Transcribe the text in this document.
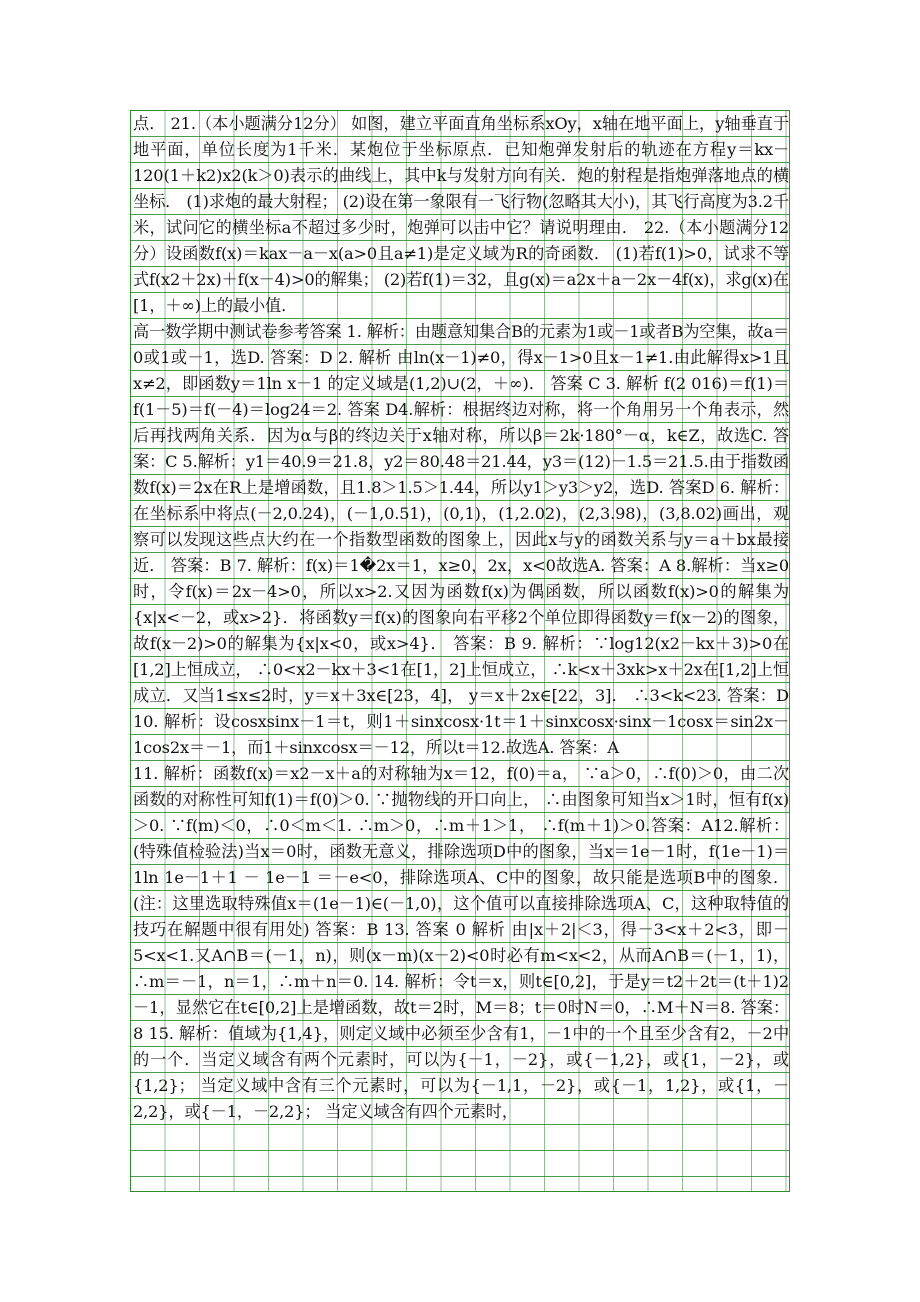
点． 21.（本小题满分12分） 如图，建立平面直角坐标系xOy，x轴在地平面上，y轴垂直于地平面，单位长度为1千米．某炮位于坐标原点．已知炮弹发射后的轨迹在方程y＝kx－120(1＋k2)x2(k＞0)表示的曲线上，其中k与发射方向有关．炮的射程是指炮弹落地点的横坐标． (1)求炮的最大射程； (2)设在第一象限有一飞行物(忽略其大小)，其飞行高度为3.2千米，试问它的横坐标a不超过多少时，炮弹可以击中它？请说明理由． 22.（本小题满分12分）设函数f(x)＝kax－a－x(a>0且a≠1)是定义域为R的奇函数． (1)若f(1)>0，试求不等式f(x2＋2x)＋f(x－4)>0的解集； (2)若f(1)＝32，且g(x)＝a2x＋a－2x－4f(x)，求g(x)在[1，＋∞)上的最小值．

高一数学期中测试卷参考答案 1. 解析：由题意知集合B的元素为1或－1或者B为空集，故a＝0或1或－1，选D. 答案：D 2. 解析 由ln(x－1)≠0，得x－1>0且x－1≠1.由此解得x>1且x≠2，即函数y＝1ln x－1 的定义域是(1,2)∪(2，＋∞)． 答案 C 3. 解析 f(2 016)＝f(1)＝f(1－5)＝f(－4)＝log24＝2. 答案 D4.解析：根据终边对称，将一个角用另一个角表示，然后再找两角关系．因为α与β的终边关于x轴对称，所以β＝2k·180°－α，k∈Z，故选C. 答案：C 5.解析：y1＝40.9＝21.8，y2＝80.48＝21.44，y3＝(12)－1.5＝21.5.由于指数函数f(x)＝2x在R上是增函数，且1.8＞1.5＞1.44，所以y1＞y3＞y2，选D. 答案D 6. 解析：在坐标系中将点(－2,0.24)，(－1,0.51)，(0,1)，(1,2.02)，(2,3.98)，(3,8.02)画出，观察可以发现这些点大约在一个指数型函数的图象上，因此x与y的函数关系与y＝a＋bx最接近． 答案：B 7. 解析：f(x)＝1�2x＝1，x≥0，2x，x<0故选A. 答案：A 8.解析：当x≥0时，令f(x)＝2x－4>0，所以x>2.又因为函数f(x)为偶函数，所以函数f(x)>0的解集为{x|x<－2，或x>2}．将函数y＝f(x)的图象向右平移2个单位即得函数y＝f(x－2)的图象，故f(x－2)>0的解集为{x|x<0，或x>4}． 答案：B 9. 解析：∵log12(x2－kx＋3)>0在[1,2]上恒成立， ∴0<x2－kx＋3<1在[1，2]上恒成立， ∴k<x＋3xk>x＋2x在[1,2]上恒成立．又当1≤x≤2时，y＝x＋3x∈[23，4]， y＝x＋2x∈[22，3]． ∴3<k<23. 答案：D 10. 解析：设cosxsinx－1＝t，则1＋sinxcosx·1t＝1＋sinxcosx·sinx－1cosx＝sin2x－1cos2x＝－1，而1＋sinxcosx＝－12，所以t＝12.故选A. 答案：A

11. 解析：函数f(x)＝x2－x＋a的对称轴为x＝12，f(0)＝a， ∵a＞0，∴f(0)＞0，由二次函数的对称性可知f(1)＝f(0)＞0. ∵抛物线的开口向上， ∴由图象可知当x＞1时，恒有f(x)＞0. ∵f(m)＜0，∴0＜m＜1. ∴m＞0，∴m＋1＞1， ∴f(m＋1)＞0.答案：A12.解析：(特殊值检验法)当x＝0时，函数无意义，排除选项D中的图象，当x＝1e－1时，f(1e－1)＝1ln 1e－1＋1 － 1e－1 ＝－e<0，排除选项A、C中的图象，故只能是选项B中的图象． (注：这里选取特殊值x＝(1e－1)∈(－1,0)，这个值可以直接排除选项A、C，这种取特值的技巧在解题中很有用处) 答案：B 13. 答案 0 解析 由|x＋2|＜3，得－3<x＋2<3，即－5<x<1.又A∩B＝(－1，n)，则(x－m)(x－2)<0时必有m<x<2，从而A∩B＝(－1，1)，∴m＝－1，n＝1，∴m＋n＝0. 14. 解析：令t＝x，则t∈[0,2]，于是y＝t2＋2t＝(t＋1)2－1，显然它在t∈[0,2]上是增函数，故t＝2时，M＝8；t＝0时N＝0，∴M＋N＝8. 答案：8 15. 解析：值域为{1,4}，则定义域中必须至少含有1，－1中的一个且至少含有2，－2中的一个．当定义域含有两个元素时，可以为{－1，－2}，或{－1,2}，或{1，－2}，或{1,2}； 当定义域中含有三个元素时，可以为{－1,1，－2}，或{－1，1,2}，或{1，－2,2}，或{－1，－2,2}； 当定义域含有四个元素时，
